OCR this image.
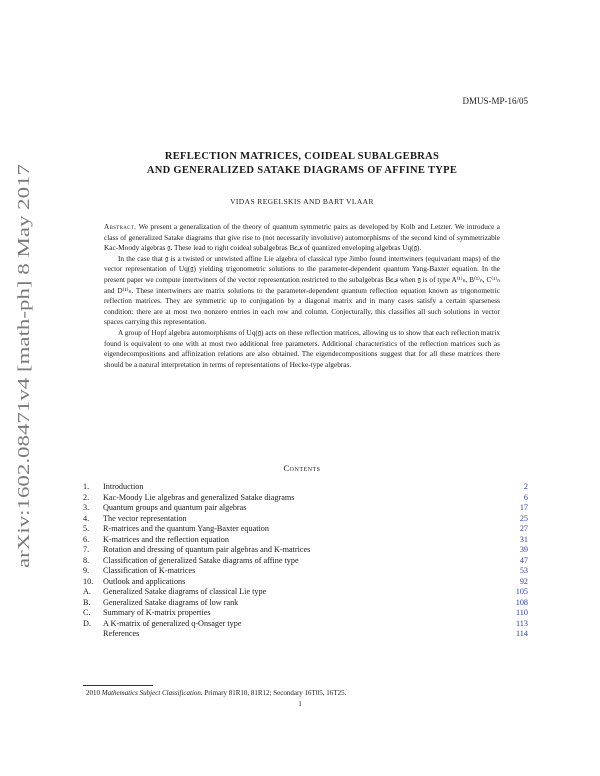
arXiv:1602.08471v4 [math-ph] 8 May 2017
DMUS-MP-16/05
REFLECTION MATRICES, COIDEAL SUBALGEBRAS
AND GENERALIZED SATAKE DIAGRAMS OF AFFINE TYPE
VIDAS REGELSKIS AND BART VLAAR

Abstract. We present a generalization of the theory of quantum symmetric pairs as developed by Kolb and Letzter. We introduce a class of generalized Satake diagrams that give rise to (not necessarily involutive) automorphisms of the second kind of symmetrizable Kac-Moody algebras 𝔤. These lead to right coideal subalgebras B𝒄,𝒔 of quantized enveloping algebras Uq(𝔤).

In the case that 𝔤 is a twisted or untwisted affine Lie algebra of classical type Jimbo found intertwiners (equivariant maps) of the vector representation of Uq(𝔤) yielding trigonometric solutions to the parameter-dependent quantum Yang-Baxter equation. In the present paper we compute intertwiners of the vector representation restricted to the subalgebras B𝒄,𝒔 when 𝔤 is of type A⁽¹⁾ₙ, B⁽¹⁾ₙ, C⁽¹⁾ₙ and D⁽¹⁾ₙ. These intertwiners are matrix solutions to the parameter-dependent quantum reflection equation known as trigonometric reflection matrices. They are symmetric up to conjugation by a diagonal matrix and in many cases satisfy a certain sparseness condition: there are at most two nonzero entries in each row and column. Conjecturally, this classifies all such solutions in vector spaces carrying this representation.

A group of Hopf algebra automorphisms of Uq(𝔤) acts on these reflection matrices, allowing us to show that each reflection matrix found is equivalent to one with at most two additional free parameters. Additional characteristics of the reflection matrices such as eigendecompositions and affinization relations are also obtained. The eigendecompositions suggest that for all these matrices there should be a natural interpretation in terms of representations of Hecke-type algebras.

Contents
1.	Introduction	2
2.	Kac-Moody Lie algebras and generalized Satake diagrams	6
3.	Quantum groups and quantum pair algebras	17
4.	The vector representation	25
5.	R-matrices and the quantum Yang-Baxter equation	27
6.	K-matrices and the reflection equation	31
7.	Rotation and dressing of quantum pair algebras and K-matrices	39
8.	Classification of generalized Satake diagrams of affine type	47
9.	Classification of K-matrices	53
10.	Outlook and applications	92
A.	Generalized Satake diagrams of classical Lie type	105
B.	Generalized Satake diagrams of low rank	108
C.	Summary of K-matrix properties	110
D.	A K-matrix of generalized q-Onsager type	113
References	114
2010 Mathematics Subject Classification. Primary 81R10, 81R12; Secondary 16T05, 16T25.
1
